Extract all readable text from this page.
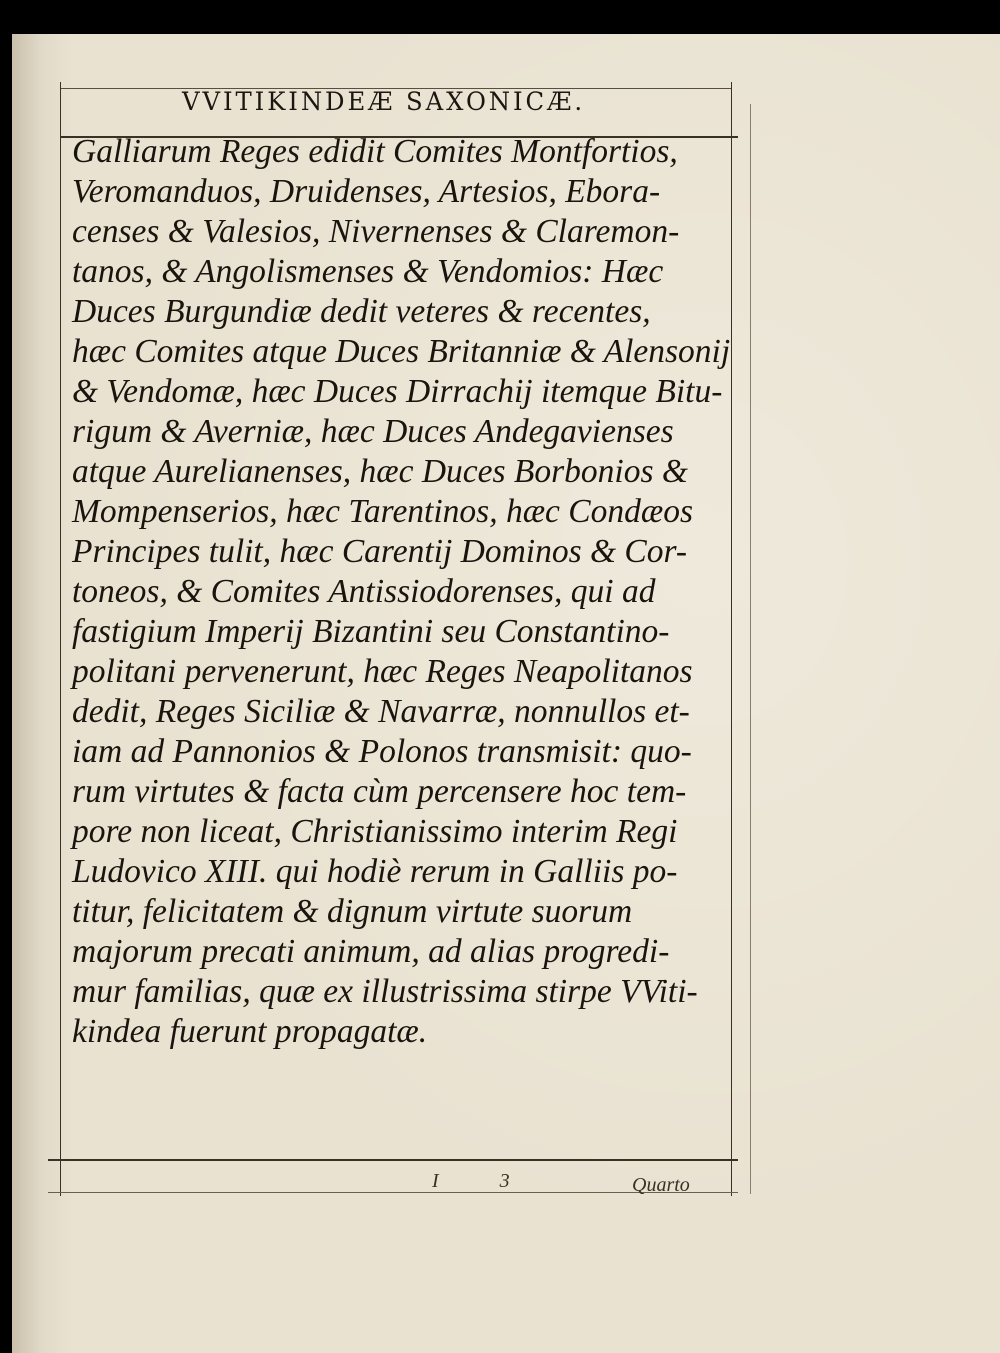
VVITIKINDEÆ SAXONICÆ.
Galliarum Reges edidit Comites Montfortios,
Veromanduos, Druidenses, Artesios, Ebora-
censes & Valesios, Nivernenses & Claremon-
tanos, & Angolismenses & Vendomios: Hæc
Duces Burgundiæ dedit veteres & recentes,
hæc Comites atque Duces Britanniæ & Alensonij
& Vendomæ, hæc Duces Dirrachij itemque Bitu-
rigum & Averniæ, hæc Duces Andegavienses
atque Aurelianenses, hæc Duces Borbonios &
Mompenserios, hæc Tarentinos, hæc Condæos
Principes tulit, hæc Carentij Dominos & Cor-
toneos, & Comites Antissiodorenses, qui ad
fastigium Imperij Bizantini seu Constantino-
politani pervenerunt, hæc Reges Neapolitanos
dedit, Reges Siciliæ & Navarræ, nonnullos et-
iam ad Pannonios & Polonos transmisit: quo-
rum virtutes & facta cùm percensere hoc tem-
pore non liceat, Christianissimo interim Regi
Ludovico XIII. qui hodiè rerum in Galliis po-
titur, felicitatem & dignum virtute suorum
majorum precati animum, ad alias progredi-
mur familias, quæ ex illustrissima stirpe VViti-
kindea fuerunt propagatæ.
I 3	Quarto
